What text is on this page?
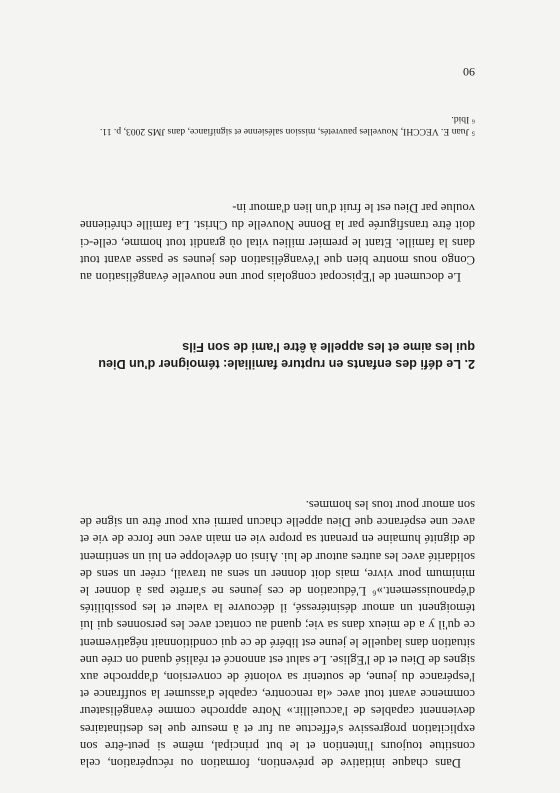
Dans chaque initiative de prévention, formation ou récupération, cela constitue toujours l'intention et le but principal, même si peut-être son explicitation progressive s'effectue au fur et à mesure que les destinataires deviennent capables de l'accueillir.» Notre approche comme évangélisateur commence avant tout avec «la rencontre, capable d'assumer la souffrance et l'espérance du jeune, de soutenir sa volonté de conversion, d'approche aux signes de Dieu et de l'Eglise. Le salut est annoncé et réalisé quand on crée une situation dans laquelle le jeune est libéré de ce qui conditionnait négativement ce qu'il y a de mieux dans sa vie; quand au contact avec les personnes qui lui témoignent un amour désintéressé, il découvre la valeur et les possibilités d'épanouissement.»⁶ L'éducation de ces jeunes ne s'arrête pas à donner le minimum pour vivre, mais doit donner un sens au travail, créer un sens de solidarité avec les autres autour de lui. Ainsi on développe en lui un sentiment de dignité humaine en prenant sa propre vie en main avec une force de vie et avec une espérance que Dieu appelle chacun parmi eux pour être un signe de son amour pour tous les hommes.

2. Le défi des enfants en rupture familiale: témoigner d'un Dieu qui les aime et les appelle à être l'ami de son Fils

Le document de l'Episcopat congolais pour une nouvelle évangélisation au Congo nous montre bien que l'évangélisation des jeunes se passe avant tout dans la famille. Etant le premier milieu vital où grandit tout homme, celle-ci doit être transfigurée par la Bonne Nouvelle du Christ. La famille chrétienne voulue par Dieu est le fruit d'un lien d'amour in-

⁵ Juan E. VECCHI, Nouvelles pauvretés, mission salésienne et signifiance, dans JMS 2003, p. 11.

⁶ Ibid.

90
